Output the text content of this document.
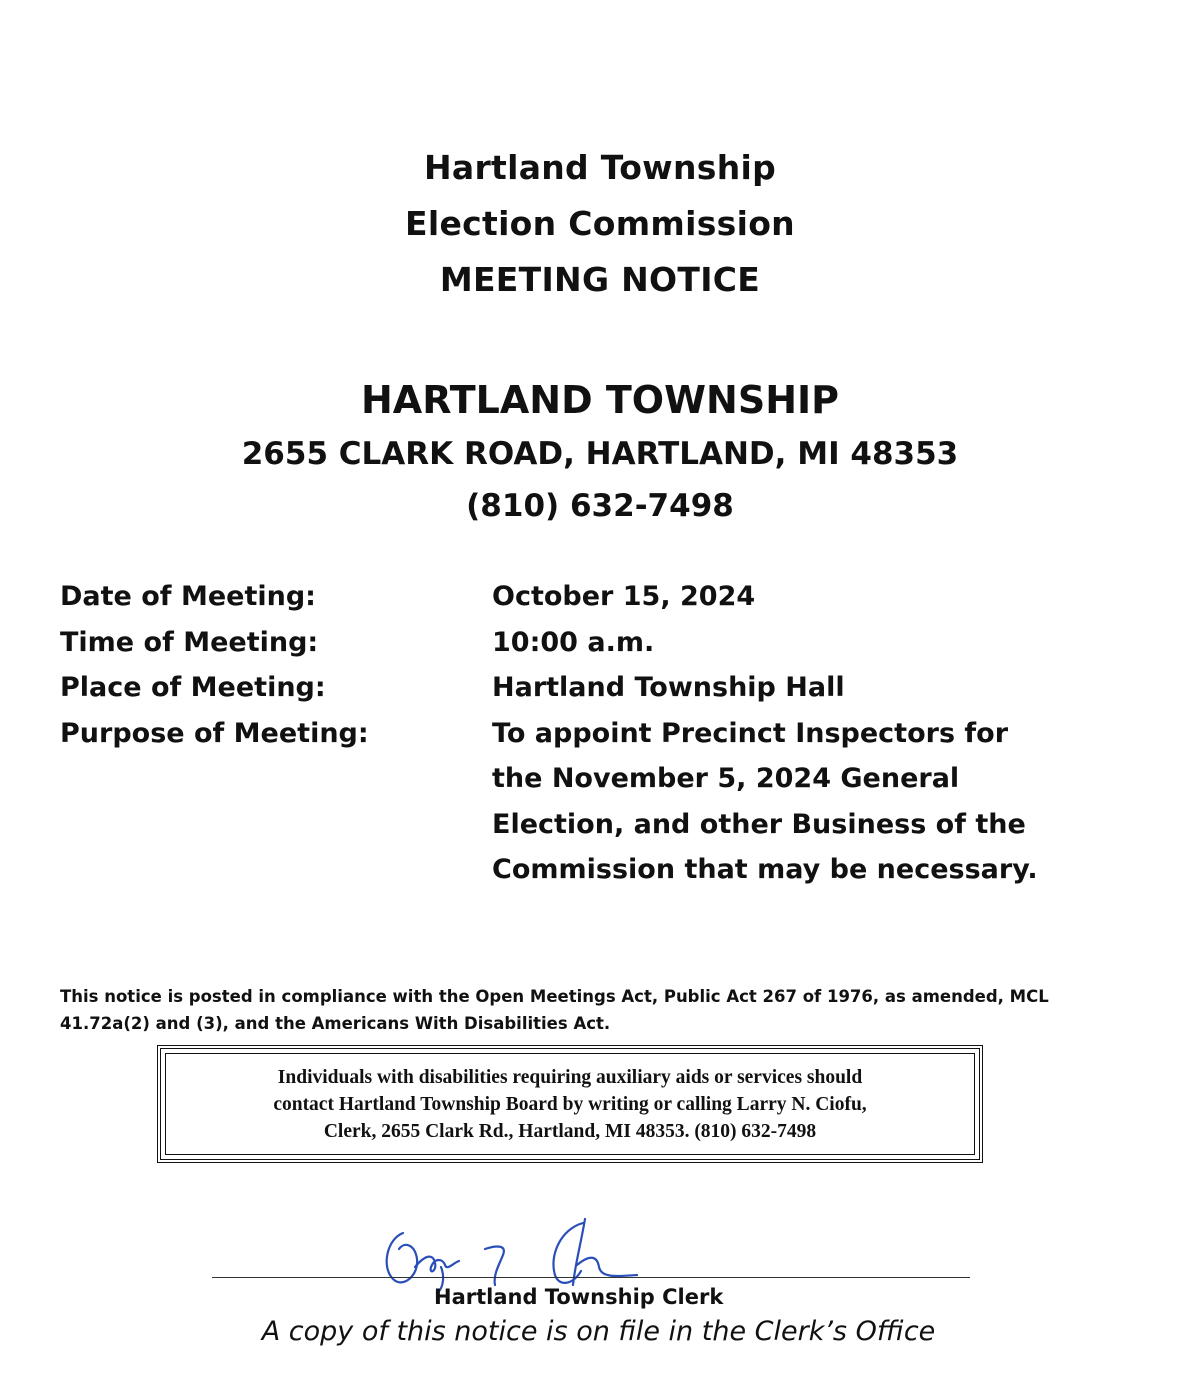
Hartland Township
Election Commission
MEETING NOTICE
HARTLAND TOWNSHIP
2655 CLARK ROAD, HARTLAND, MI 48353
(810) 632-7498
Date of Meeting:	October 15, 2024
Time of Meeting:	10:00 a.m.
Place of Meeting:	Hartland Township Hall
Purpose of Meeting:	To appoint Precinct Inspectors for
the November 5, 2024 General
Election, and other Business of the
Commission that may be necessary.
This notice is posted in compliance with the Open Meetings Act, Public Act 267 of 1976, as amended, MCL 41.72a(2) and (3), and the Americans With Disabilities Act.
Individuals with disabilities requiring auxiliary aids or services should
contact Hartland Township Board by writing or calling Larry N. Ciofu,
Clerk, 2655 Clark Rd., Hartland, MI 48353. (810) 632-7498
Hartland Township Clerk
A copy of this notice is on file in the Clerk’s Office
